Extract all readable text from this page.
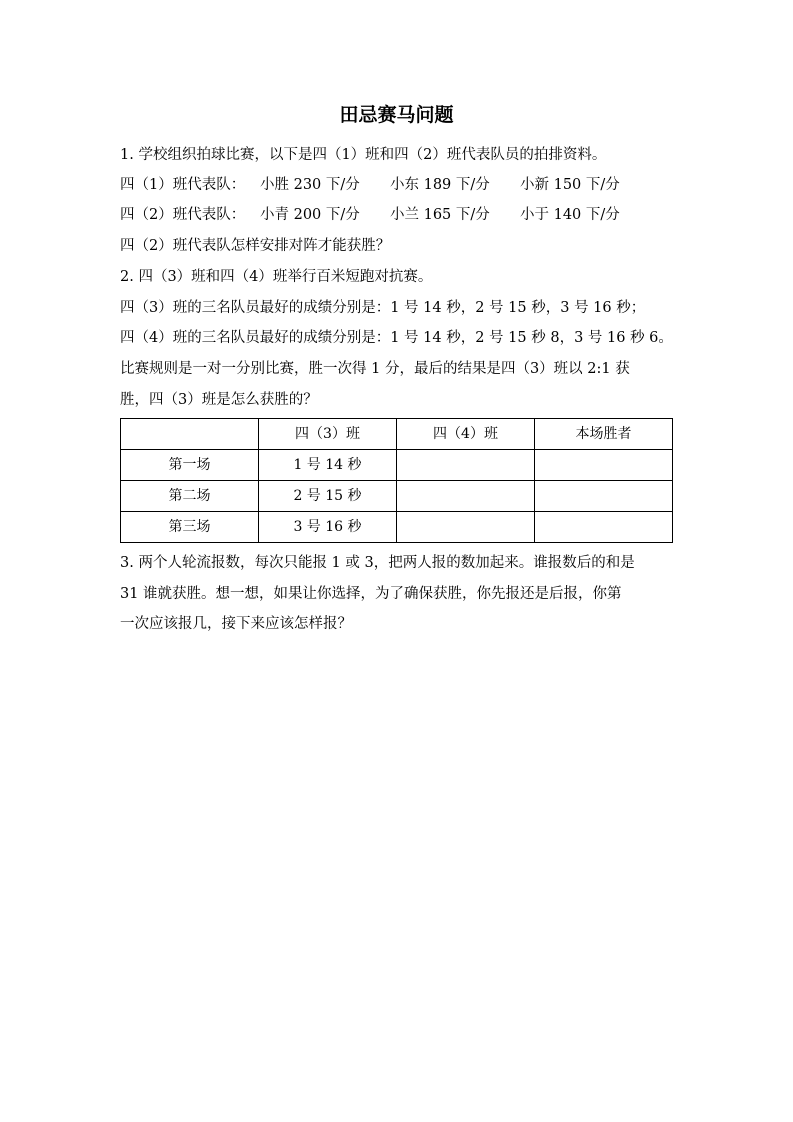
田忌赛马问题
1. 学校组织拍球比赛，以下是四（1）班和四（2）班代表队员的拍排资料。
四（1）班代表队： 小胜 230 下/分 小东 189 下/分 小新 150 下/分
四（2）班代表队： 小青 200 下/分 小兰 165 下/分 小于 140 下/分
四（2）班代表队怎样安排对阵才能获胜？
2. 四（3）班和四（4）班举行百米短跑对抗赛。
四（3）班的三名队员最好的成绩分别是：1 号 14 秒，2 号 15 秒，3 号 16 秒；
四（4）班的三名队员最好的成绩分别是：1 号 14 秒，2 号 15 秒 8，3 号 16 秒 6。
比赛规则是一对一分别比赛，胜一次得 1 分，最后的结果是四（3）班以 2:1 获
胜，四（3）班是怎么获胜的？
	四（3）班	四（4）班	本场胜者
第一场	1 号 14 秒		
第二场	2 号 15 秒		
第三场	3 号 16 秒		
3. 两个人轮流报数，每次只能报 1 或 3，把两人报的数加起来。谁报数后的和是
31 谁就获胜。想一想，如果让你选择，为了确保获胜，你先报还是后报，你第
一次应该报几，接下来应该怎样报？
